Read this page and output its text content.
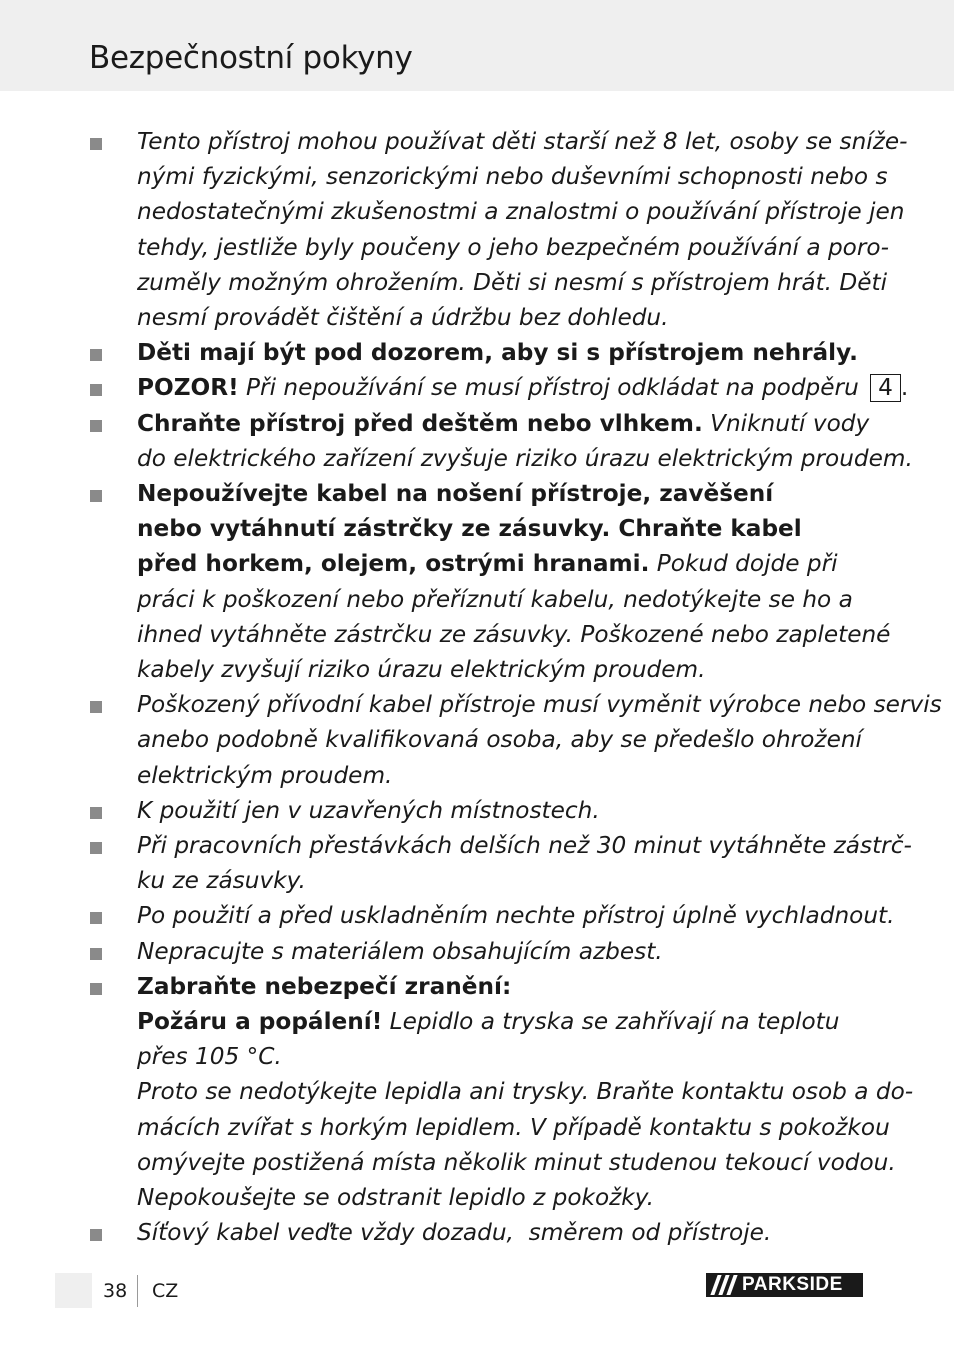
Bezpečnostní pokyny
Tento přístroj mohou používat děti starší než 8 let, osoby se sníže-
nými fyzickými, senzorickými nebo duševními schopnosti nebo s
nedostatečnými zkušenostmi a znalostmi o používání přístroje jen
tehdy, jestliže byly poučeny o jeho bezpečném používání a poro-
zuměly možným ohrožením. Děti si nesmí s přístrojem hrát. Děti
nesmí provádět čištění a údržbu bez dohledu.
Děti mají být pod dozorem, aby si s přístrojem nehrály.
POZOR! Při nepoužívání se musí přístroj odkládat na podpěru 4 .
Chraňte přístroj před deštěm nebo vlhkem. Vniknutí vody
do elektrického zařízení zvyšuje riziko úrazu elektrickým proudem.
Nepoužívejte kabel na nošení přístroje, zavěšení
nebo vytáhnutí zástrčky ze zásuvky. Chraňte kabel
před horkem, olejem, ostrými hranami. Pokud dojde při
práci k poškození nebo přeříznutí kabelu, nedotýkejte se ho a
ihned vytáhněte zástrčku ze zásuvky. Poškozené nebo zapletené
kabely zvyšují riziko úrazu elektrickým proudem.
Poškozený přívodní kabel přístroje musí vyměnit výrobce nebo servis
anebo podobně kvalifikovaná osoba, aby se předešlo ohrožení
elektrickým proudem.
K použití jen v uzavřených místnostech.
Při pracovních přestávkách delších než 30 minut vytáhněte zástrč-
ku ze zásuvky.
Po použití a před uskladněním nechte přístroj úplně vychladnout.
Nepracujte s materiálem obsahujícím azbest.
Zabraňte nebezpečí zranění:
Požáru a popálení! Lepidlo a tryska se zahřívají na teplotu
přes 105 °C.
Proto se nedotýkejte lepidla ani trysky. Braňte kontaktu osob a do-
mácích zvířat s horkým lepidlem. V případě kontaktu s pokožkou
omývejte postižená místa několik minut studenou tekoucí vodou.
Nepokoušejte se odstranit lepidlo z pokožky.
Síťový kabel veďte vždy dozadu,  směrem od přístroje.
38 CZ	PARKSIDE
